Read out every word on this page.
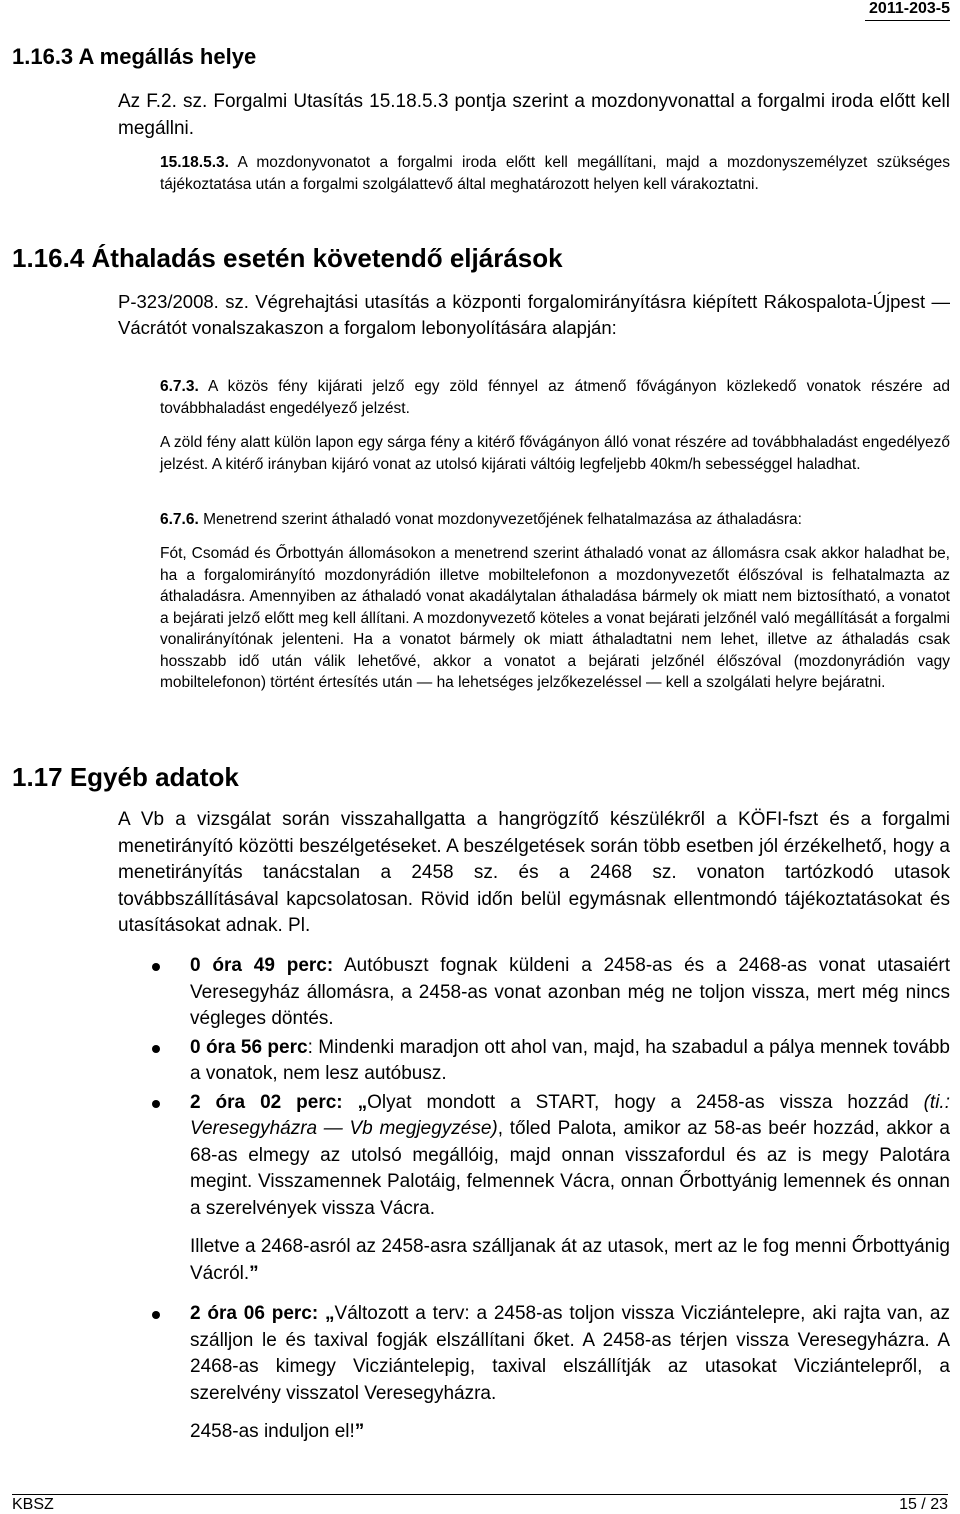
2011-203-5
1.16.3 A megállás helye
Az F.2. sz. Forgalmi Utasítás 15.18.5.3 pontja szerint a mozdonyvonattal a forgalmi iroda előtt kell megállni.
15.18.5.3. A mozdonyvonatot a forgalmi iroda előtt kell megállítani, majd a mozdonyszemélyzet szükséges tájékoztatása után a forgalmi szolgálattevő által meghatározott helyen kell várakoztatni.
1.16.4 Áthaladás esetén követendő eljárások
P-323/2008. sz. Végrehajtási utasítás a központi forgalomirányításra kiépített Rákospalota-Újpest — Vácrátót vonalszakaszon a forgalom lebonyolítására alapján:
6.7.3. A közös fény kijárati jelző egy zöld fénnyel az átmenő fővágányon közlekedő vonatok részére ad továbbhaladást engedélyező jelzést.
A zöld fény alatt külön lapon egy sárga fény a kitérő fővágányon álló vonat részére ad továbbhaladást engedélyező jelzést. A kitérő irányban kijáró vonat az utolsó kijárati váltóig legfeljebb 40km/h sebességgel haladhat.
6.7.6. Menetrend szerint áthaladó vonat mozdonyvezetőjének felhatalmazása az áthaladásra:
Fót, Csomád és Őrbottyán állomásokon a menetrend szerint áthaladó vonat az állomásra csak akkor haladhat be, ha a forgalomirányító mozdonyrádión illetve mobiltelefonon a mozdonyvezetőt élőszóval is felhatalmazta az áthaladásra. Amennyiben az áthaladó vonat akadálytalan áthaladása bármely ok miatt nem biztosítható, a vonatot a bejárati jelző előtt meg kell állítani. A mozdonyvezető köteles a vonat bejárati jelzőnél való megállítását a forgalmi vonalirányítónak jelenteni. Ha a vonatot bármely ok miatt áthaladtatni nem lehet, illetve az áthaladás csak hosszabb idő után válik lehetővé, akkor a vonatot a bejárati jelzőnél élőszóval (mozdonyrádión vagy mobiltelefonon) történt értesítés után — ha lehetséges jelzőkezeléssel — kell a szolgálati helyre bejáratni.
1.17 Egyéb adatok
A Vb a vizsgálat során visszahallgatta a hangrögzítő készülékről a KÖFI-fszt és a forgalmi menetirányító közötti beszélgetéseket. A beszélgetések során több esetben jól érzékelhető, hogy a menetirányítás tanácstalan a 2458 sz. és a 2468 sz. vonaton tartózkodó utasok továbbszállításával kapcsolatosan. Rövid időn belül egymásnak ellentmondó tájékoztatásokat és utasításokat adnak. Pl.
0 óra 49 perc: Autóbuszt fognak küldeni a 2458-as és a 2468-as vonat utasaiért Veresegyház állomásra, a 2458-as vonat azonban még ne toljon vissza, mert még nincs végleges döntés.
0 óra 56 perc: Mindenki maradjon ott ahol van, majd, ha szabadul a pálya mennek tovább a vonatok, nem lesz autóbusz.
2 óra 02 perc: „Olyat mondott a START, hogy a 2458-as vissza hozzád (ti.: Veresegyházra — Vb megjegyzése), tőled Palota, amikor az 58-as beér hozzád, akkor a 68-as elmegy az utolsó megállóig, majd onnan visszafordul és az is megy Palotára megint. Visszamennek Palotáig, felmennek Vácra, onnan Őrbottyánig lemennek és onnan a szerelvények vissza Vácra.
Illetve a 2468-asról az 2458-asra szálljanak át az utasok, mert az le fog menni Őrbottyánig Vácról.”
2 óra 06 perc: „Változott a terv: a 2458-as toljon vissza Vicziántelepre, aki rajta van, az szálljon le és taxival fogják elszállítani őket. A 2458-as térjen vissza Veresegyházra. A 2468-as kimegy Vicziántelepig, taxival elszállítják az utasokat Vicziántelepről, a szerelvény visszatol Veresegyházra.
2458-as induljon el!”
KBSZ	15 / 23
